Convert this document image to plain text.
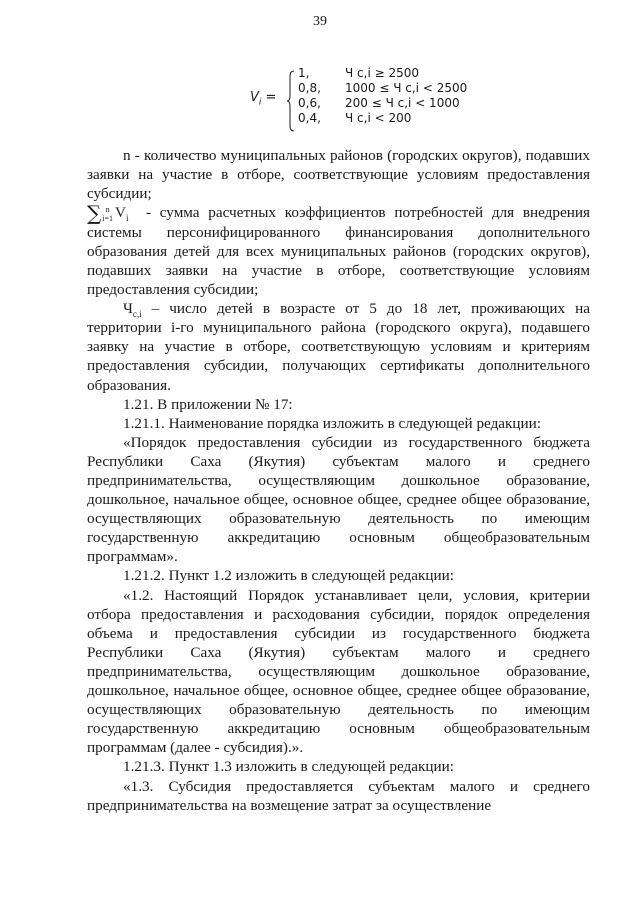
39
$V_i$ =
1,	Ч c,i ≥ 2500
0,8, 1000 ≤ Ч c,i < 2500
0,6, 200 ≤ Ч c,i < 1000
0,4, Ч c,i < 200

n - количество муниципальных районов (городских округов), подавших заявки на участие в отборе, соответствующие условиям предоставления субсидии;

∑ n
i=1 $V_i$ - сумма расчетных коэффициентов потребностей для внедрения системы персонифицированного финансирования дополнительного образования детей для всех муниципальных районов (городских округов), подавших заявки на участие в отборе, соответствующие условиям предоставления субсидии;

$Ч_{c,i}$ – число детей в возрасте от 5 до 18 лет, проживающих на территории i-го муниципального района (городского округа), подавшего заявку на участие в отборе, соответствующую условиям и критериям предоставления субсидии, получающих сертификаты дополнительного образования.

1.21. В приложении № 17:

1.21.1. Наименование порядка изложить в следующей редакции:

«Порядок предоставления субсидии из государственного бюджета Республики Саха (Якутия) субъектам малого и среднего предпринимательства, осуществляющим дошкольное образование, дошкольное, начальное общее, основное общее, среднее общее образование, осуществляющих образовательную деятельность по имеющим государственную аккредитацию основным общеобразовательным программам».

1.21.2. Пункт 1.2 изложить в следующей редакции:

«1.2. Настоящий Порядок устанавливает цели, условия, критерии отбора предоставления и расходования субсидии, порядок определения объема и предоставления субсидии из государственного бюджета Республики Саха (Якутия) субъектам малого и среднего предпринимательства, осуществляющим дошкольное образование, дошкольное, начальное общее, основное общее, среднее общее образование, осуществляющих образовательную деятельность по имеющим государственную аккредитацию основным общеобразовательным программам (далее - субсидия).».

1.21.3. Пункт 1.3 изложить в следующей редакции:

«1.3. Субсидия предоставляется субъектам малого и среднего предпринимательства на возмещение затрат за осуществление
